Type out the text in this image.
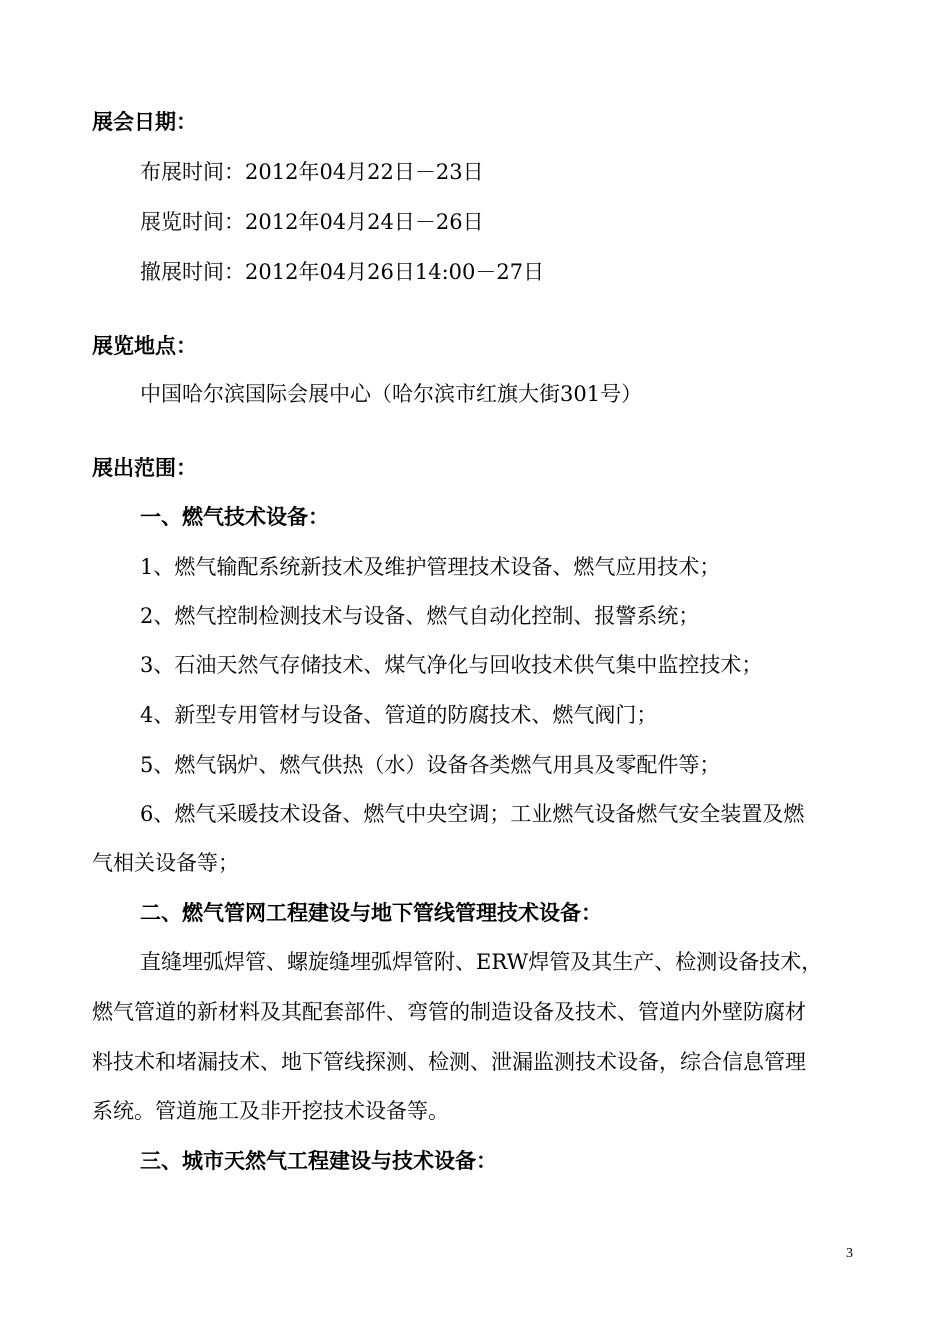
展会日期：
布展时间：2012年04月22日－23日
展览时间：2012年04月24日－26日
撤展时间：2012年04月26日14:00－27日
展览地点：
中国哈尔滨国际会展中心（哈尔滨市红旗大街301号）
展出范围：
一、燃气技术设备：
1、燃气输配系统新技术及维护管理技术设备、燃气应用技术；
2、燃气控制检测技术与设备、燃气自动化控制、报警系统；
3、石油天然气存储技术、煤气净化与回收技术供气集中监控技术；
4、新型专用管材与设备、管道的防腐技术、燃气阀门；
5、燃气锅炉、燃气供热（水）设备各类燃气用具及零配件等；
6、燃气采暖技术设备、燃气中央空调；工业燃气设备燃气安全装置及燃
气相关设备等；
二、燃气管网工程建设与地下管线管理技术设备：
直缝埋弧焊管、螺旋缝埋弧焊管附、ERW焊管及其生产、检测设备技术，
燃气管道的新材料及其配套部件、弯管的制造设备及技术、管道内外壁防腐材
料技术和堵漏技术、地下管线探测、检测、泄漏监测技术设备，综合信息管理
系统。管道施工及非开挖技术设备等。
三、城市天然气工程建设与技术设备：
3
